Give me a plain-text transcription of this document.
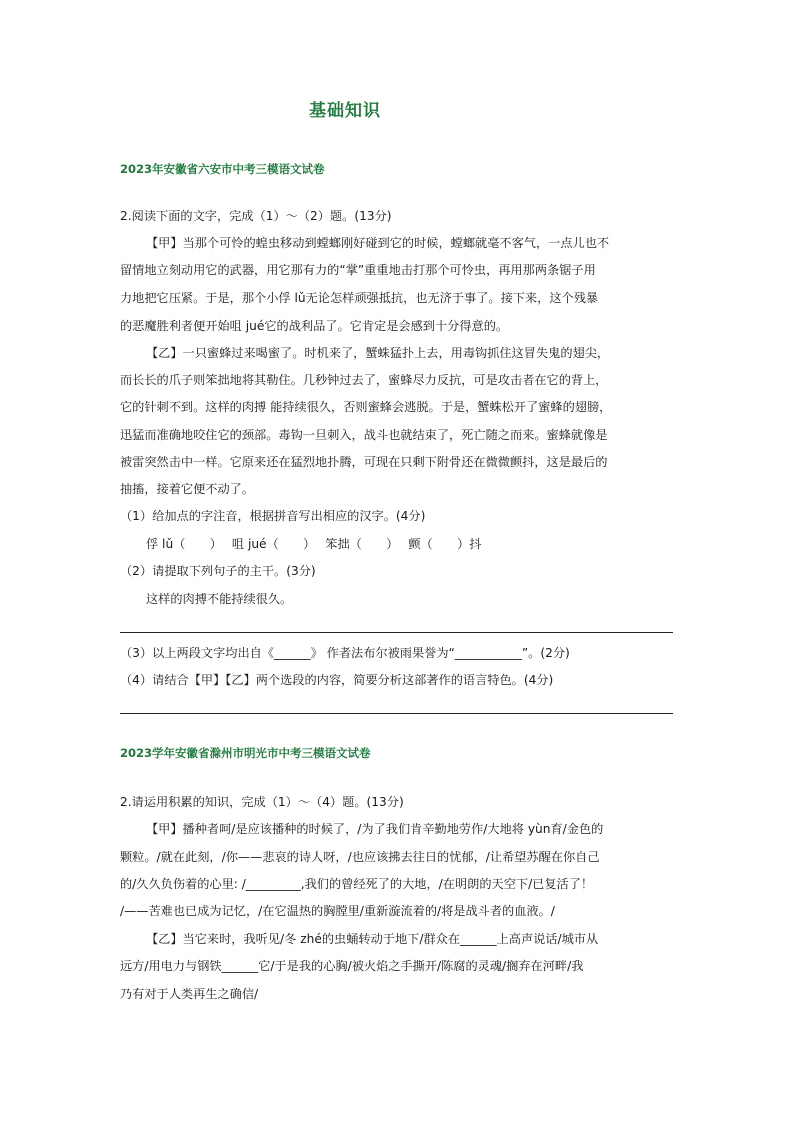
基础知识
2023年安徽省六安市中考三模语文试卷
2.阅读下面的文字，完成（1）～（2）题。(13分)
【甲】当那个可怜的蝗虫移动到螳螂刚好碰到它的时候，螳螂就毫不客气，一点儿也不
留情地立刻动用它的武器，用它那有力的“掌”重重地击打那个可怜虫，再用那两条锯子用
力地把它压紧。于是，那个小俘 lǔ无论怎样顽强抵抗，也无济于事了。接下来，这个残暴
的恶魔胜利者便开始咀 jué它的战利品了。它肯定是会感到十分得意的。
【乙】一只蜜蜂过来喝蜜了。时机来了，蟹蛛猛扑上去，用毒钩抓住这冒失鬼的翅尖，
而长长的爪子则笨拙地将其勒住。几秒钟过去了，蜜蜂尽力反抗，可是攻击者在它的背上，
它的针刺不到。这样的肉搏 能持续很久，否则蜜蜂会逃脱。于是，蟹蛛松开了蜜蜂的翅膀，
迅猛而准确地咬住它的颈部。毒钩一旦刺入，战斗也就结束了，死亡随之而来。蜜蜂就像是
被雷突然击中一样。它原来还在猛烈地扑腾，可现在只剩下附骨还在微微颤抖，这是最后的
抽搐，接着它便不动了。
（1）给加点的字注音，根据拼音写出相应的汉字。(4分)
俘 lǔ（　　）　 咀 jué（　　）　 笨拙（　　）　 颤（　　）抖
（2）请提取下列句子的主干。(3分)
这样的肉搏不能持续很久。
（3）以上两段文字均出自《______》 作者法布尔被雨果誉为“___________”。(2分)
（4）请结合【甲】【乙】两个选段的内容，简要分析这部著作的语言特色。(4分)
2023学年安徽省滁州市明光市中考三模语文试卷
2.请运用积累的知识，完成（1）～（4）题。(13分)
【甲】播种者呵/是应该播种的时候了，/为了我们肯辛勤地劳作/大地将 yùn育/金色的
颗粒。/就在此刻，/你——悲哀的诗人呀，/也应该拂去往日的忧郁，/让希望苏醒在你自己
的/久久负伤着的心里: /_________,我们的曾经死了的大地，/在明朗的天空下/已复活了！
/——苦难也已成为记忆，/在它温热的胸膛里/重新漩流着的/将是战斗者的血液。/
【乙】当它来时，我听见/冬 zhé的虫蛹转动于地下/群众在______上高声说话/城市从
远方/用电力与钢铁______它/于是我的心胸/被火焰之手撕开/陈腐的灵魂/搁弃在河畔/我
乃有对于人类再生之确信/
